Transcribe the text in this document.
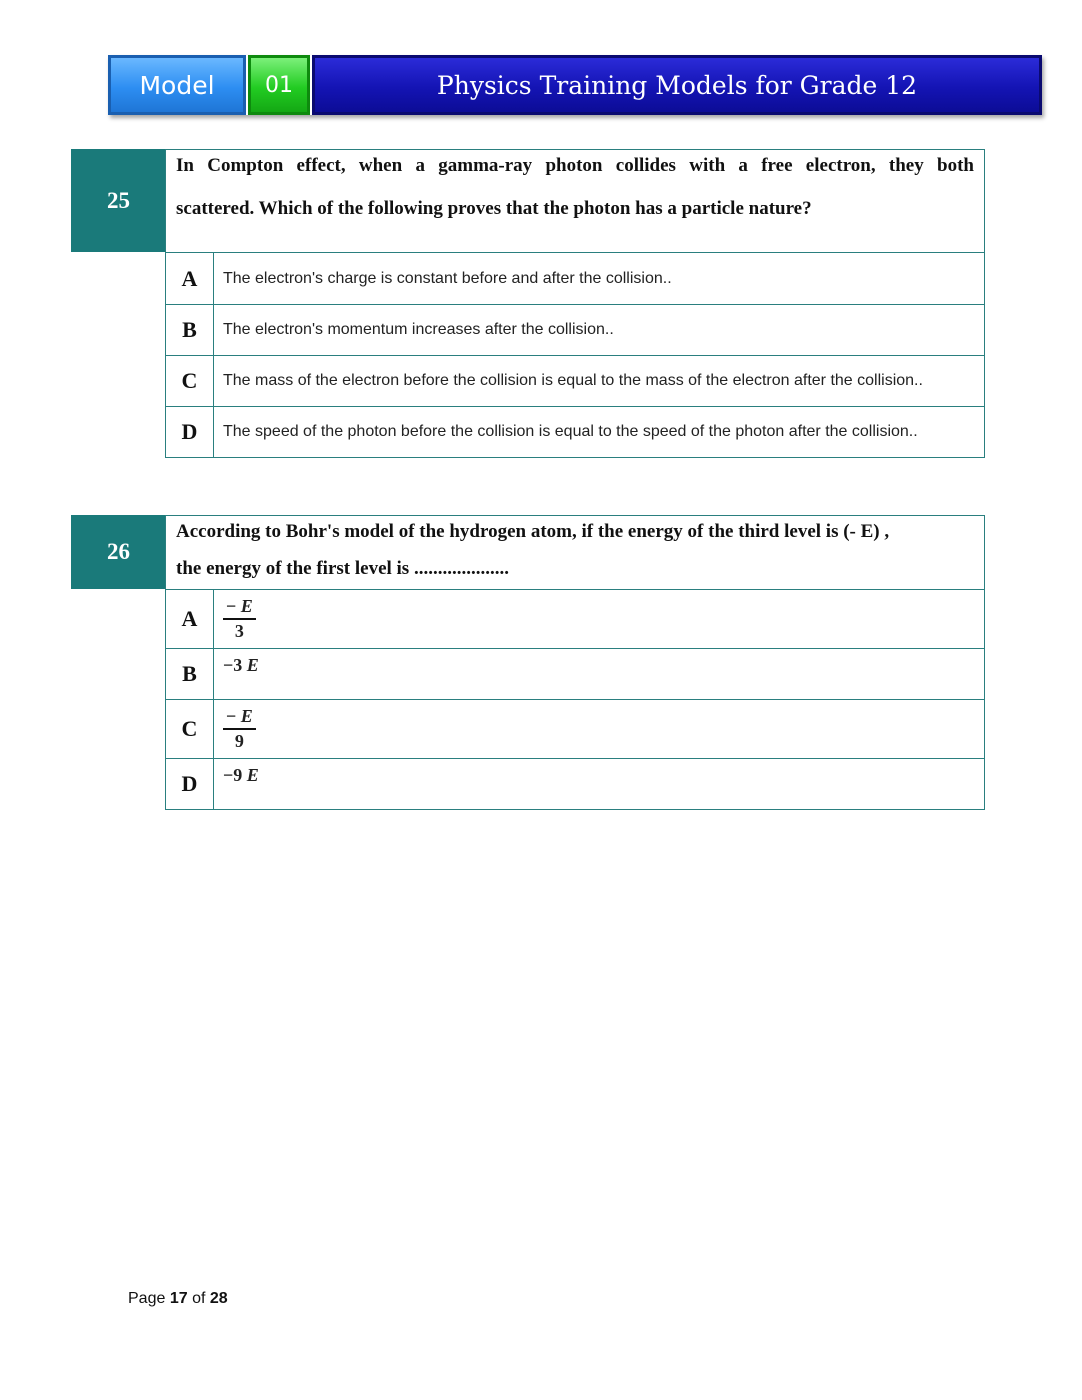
Model	01	Physics Training Models for Grade 12
25
In Compton effect, when a gamma-ray photon collides with a free electron, they both
scattered. Which of the following proves that the photon has a particle nature?
A	The electron's charge is constant before and after the collision..
B	The electron's momentum increases after the collision..
C	The mass of the electron before the collision is equal to the mass of the electron after the collision..
D	The speed of the photon before the collision is equal to the speed of the photon after the collision..
26
According to Bohr's model of the hydrogen atom, if the energy of the third level is (- E) ,
the energy of the first level is ....................
A	$\frac{- E}{3}$

B	−3 E
C	$\frac{- E}{9}$

D	−9 E
Page 17 of 28
